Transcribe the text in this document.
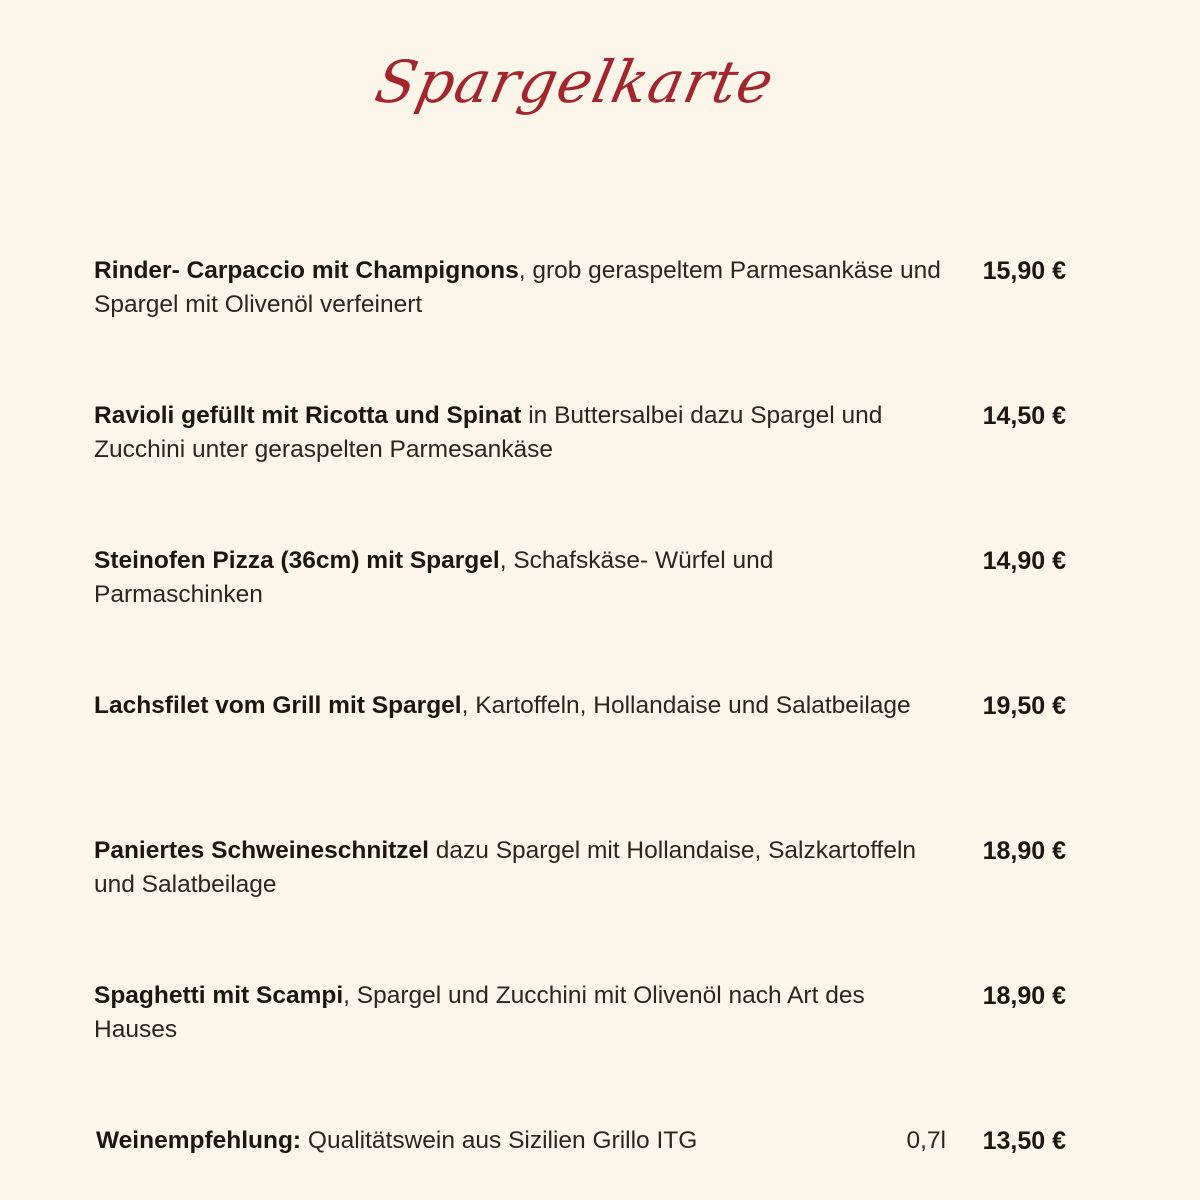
Spargelkarte
Rinder- Carpaccio mit Champignons, grob geraspeltem Parmesankäse und Spargel mit Olivenöl verfeinert
15,90 €
Ravioli gefüllt mit Ricotta und Spinat in Buttersalbei dazu Spargel und Zucchini unter geraspelten Parmesankäse
14,50 €
Steinofen Pizza (36cm) mit Spargel, Schafskäse- Würfel und Parmaschinken
14,90 €
Lachsfilet vom Grill mit Spargel, Kartoffeln, Hollandaise und Salatbeilage	19,50 €
Paniertes Schweineschnitzel dazu Spargel mit Hollandaise, Salzkartoffeln und Salatbeilage
18,90 €
Spaghetti mit Scampi, Spargel und Zucchini mit Olivenöl nach Art des Hauses
18,90 €
Weinempfehlung: Qualitätswein aus Sizilien Grillo ITG	0,7l 13,50 €
